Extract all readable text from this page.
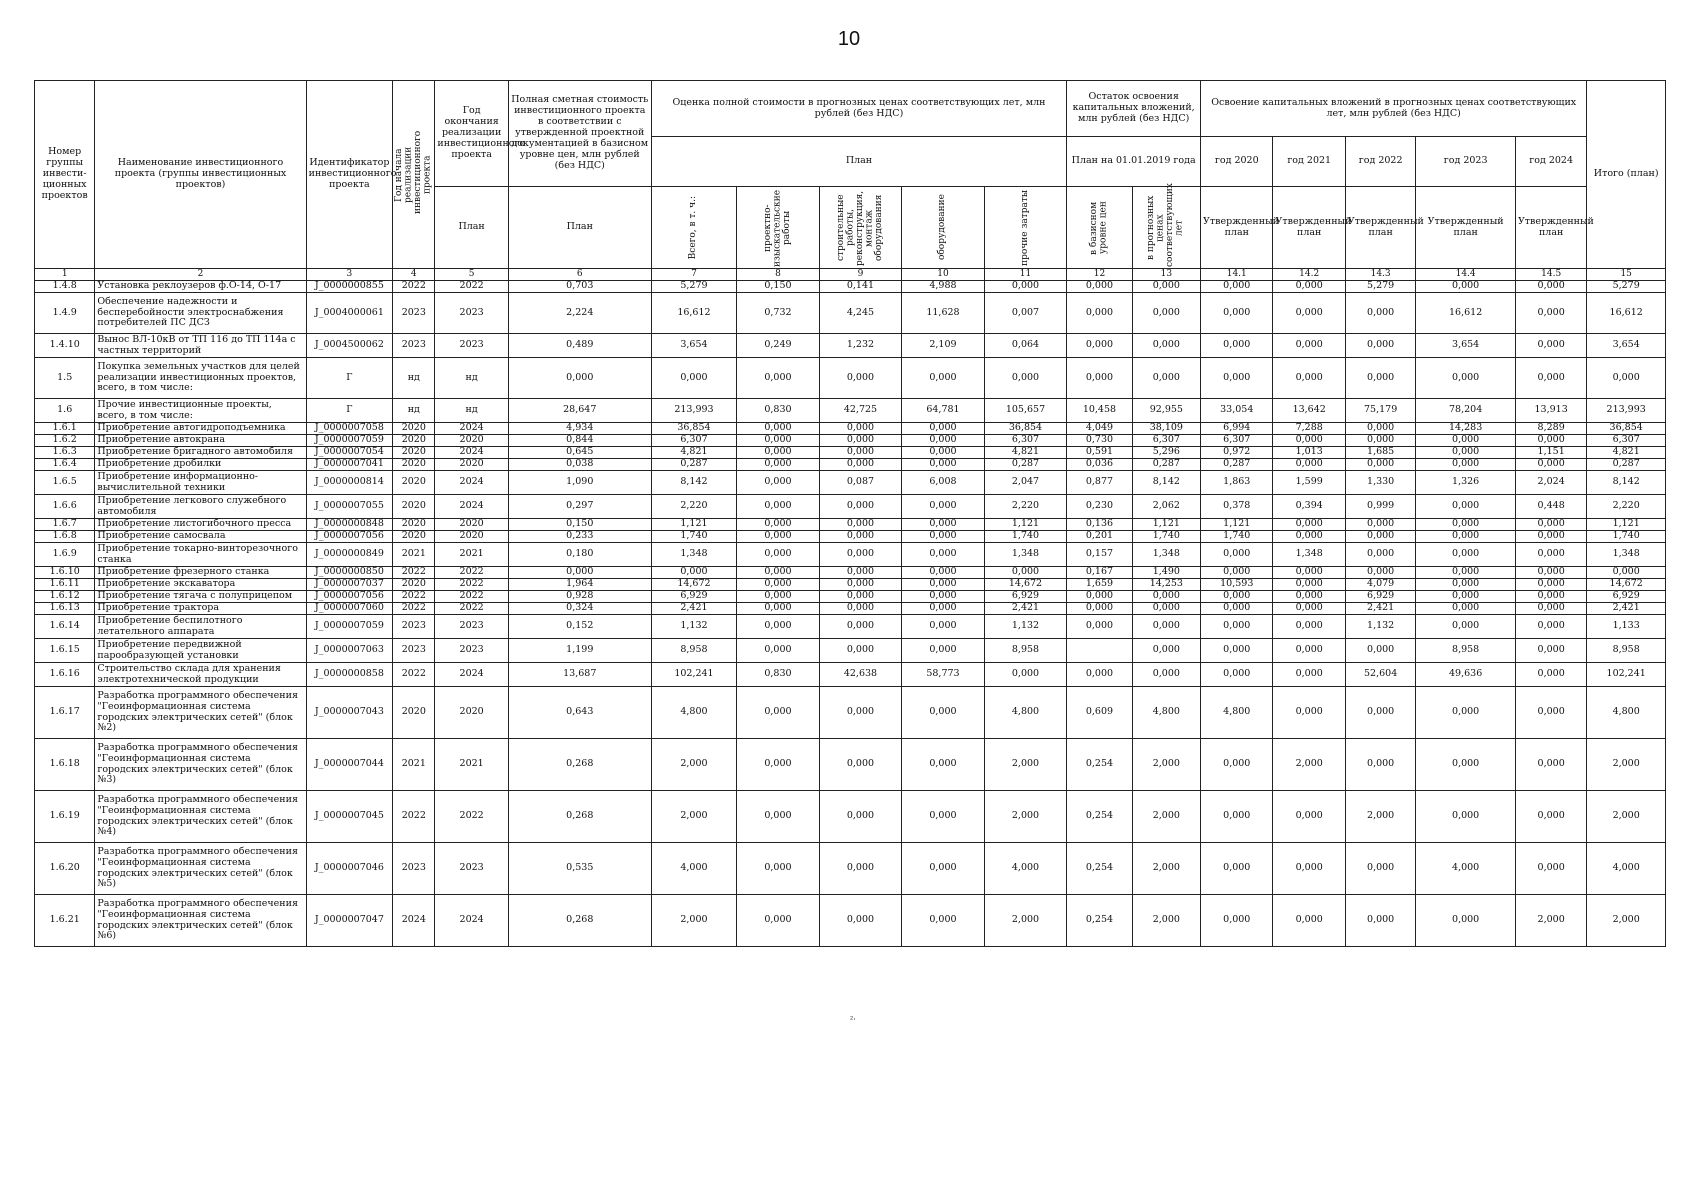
10
Номер группы инвести-ционных проектов	Наименование инвестиционного проекта (группы инвестиционных проектов)	Идентификатор инвестиционного проекта	Год начала реализации инвестиционного проекта	Год окончания реализации инвестиционного проекта	Полная сметная стоимость инвестиционного проекта в соответствии с утвержденной проектной документацией в базисном уровне цен, млн рублей (без НДС)	Оценка полной стоимости в прогнозных ценах соответствующих лет, млн рублей (без НДС)					Остаток освоения капитальных вложений, млн рублей (без НДС)		Освоение капитальных вложений в прогнозных ценах соответствующих лет, млн рублей (без НДС)					Итого (план)
						План					План на 01.01.2019 года		год 2020	год 2021	год 2022	год 2023	год 2024	
				План	План	Всего, в т. ч.:	проектно-изыскательские работы	строительные работы, реконструкция, монтаж оборудования	оборудование	прочие затраты	в базисном уровне цен	в прогнозных ценах соответствующих лет	Утвержденный план	Утвержденный план	Утвержденный план	Утвержденный план	Утвержденный план	
1	2	3	4	5	6	7	8	9	10	11	12	13	14.1	14.2	14.3	14.4	14.5	15
1.4.8	Установка реклоузеров ф.О-14, О-17	J_0000000855	2022	2022	0,703	5,279	0,150	0,141	4,988	0,000	0,000	0,000	0,000	0,000	5,279	0,000	0,000	5,279
1.4.9	Обеспечение надежности и бесперебойности электроснабжения потребителей ПС ДСЗ	J_0004000061	2023	2023	2,224	16,612	0,732	4,245	11,628	0,007	0,000	0,000	0,000	0,000	0,000	16,612	0,000	16,612
1.4.10	Вынос ВЛ-10кВ от ТП 116 до ТП 114а с частных территорий	J_0004500062	2023	2023	0,489	3,654	0,249	1,232	2,109	0,064	0,000	0,000	0,000	0,000	0,000	3,654	0,000	3,654
1.5	Покупка земельных участков для целей реализации инвестиционных проектов, всего, в том числе:	Г	нд	нд	0,000	0,000	0,000	0,000	0,000	0,000	0,000	0,000	0,000	0,000	0,000	0,000	0,000	0,000
1.6	Прочие инвестиционные проекты, всего, в том числе:	Г	нд	нд	28,647	213,993	0,830	42,725	64,781	105,657	10,458	92,955	33,054	13,642	75,179	78,204	13,913	213,993
1.6.1	Приобретение автогидроподъемника	J_0000007058	2020	2024	4,934	36,854	0,000	0,000	0,000	36,854	4,049	38,109	6,994	7,288	0,000	14,283	8,289	36,854
1.6.2	Приобретение автокрана	J_0000007059	2020	2020	0,844	6,307	0,000	0,000	0,000	6,307	0,730	6,307	6,307	0,000	0,000	0,000	0,000	6,307
1.6.3	Приобретение бригадного автомобиля	J_0000007054	2020	2024	0,645	4,821	0,000	0,000	0,000	4,821	0,591	5,296	0,972	1,013	1,685	0,000	1,151	4,821
1.6.4	Приобретение дробилки	J_0000007041	2020	2020	0,038	0,287	0,000	0,000	0,000	0,287	0,036	0,287	0,287	0,000	0,000	0,000	0,000	0,287
1.6.5	Приобретение информационно-вычислительной техники	J_0000000814	2020	2024	1,090	8,142	0,000	0,087	6,008	2,047	0,877	8,142	1,863	1,599	1,330	1,326	2,024	8,142
1.6.6	Приобретение легкового служебного автомобиля	J_0000007055	2020	2024	0,297	2,220	0,000	0,000	0,000	2,220	0,230	2,062	0,378	0,394	0,999	0,000	0,448	2,220
1.6.7	Приобретение листогибочного пресса	J_0000000848	2020	2020	0,150	1,121	0,000	0,000	0,000	1,121	0,136	1,121	1,121	0,000	0,000	0,000	0,000	1,121
1.6.8	Приобретение самосвала	J_0000007056	2020	2020	0,233	1,740	0,000	0,000	0,000	1,740	0,201	1,740	1,740	0,000	0,000	0,000	0,000	1,740
1.6.9	Приобретение токарно-винторезочного станка	J_0000000849	2021	2021	0,180	1,348	0,000	0,000	0,000	1,348	0,157	1,348	0,000	1,348	0,000	0,000	0,000	1,348
1.6.10	Приобретение фрезерного станка	J_0000000850	2022	2022	0,000	0,000	0,000	0,000	0,000	0,000	0,167	1,490	0,000	0,000	0,000	0,000	0,000	0,000
1.6.11	Приобретение экскаватора	J_0000007037	2020	2022	1,964	14,672	0,000	0,000	0,000	14,672	1,659	14,253	10,593	0,000	4,079	0,000	0,000	14,672
1.6.12	Приобретение тягача с полуприцепом	J_0000007056	2022	2022	0,928	6,929	0,000	0,000	0,000	6,929	0,000	0,000	0,000	0,000	6,929	0,000	0,000	6,929
1.6.13	Приобретение трактора	J_0000007060	2022	2022	0,324	2,421	0,000	0,000	0,000	2,421	0,000	0,000	0,000	0,000	2,421	0,000	0,000	2,421
1.6.14	Приобретение беспилотного летательного аппарата	J_0000007059	2023	2023	0,152	1,132	0,000	0,000	0,000	1,132	0,000	0,000	0,000	0,000	1,132	0,000	0,000	1,133
1.6.15	Приобретение передвижной парообразующей установки	J_0000007063	2023	2023	1,199	8,958	0,000	0,000	0,000	8,958		0,000	0,000	0,000	0,000	8,958	0,000	8,958
1.6.16	Строительство склада для хранения электротехнической продукции	J_0000000858	2022	2024	13,687	102,241	0,830	42,638	58,773	0,000	0,000	0,000	0,000	0,000	52,604	49,636	0,000	102,241
1.6.17	Разработка программного обеспечения "Геоинформационная система городских электрических сетей" (блок №2)	J_0000007043	2020	2020	0,643	4,800	0,000	0,000	0,000	4,800	0,609	4,800	4,800	0,000	0,000	0,000	0,000	4,800
1.6.18	Разработка программного обеспечения "Геоинформационная система городских электрических сетей" (блок №3)	J_0000007044	2021	2021	0,268	2,000	0,000	0,000	0,000	2,000	0,254	2,000	0,000	2,000	0,000	0,000	0,000	2,000
1.6.19	Разработка программного обеспечения "Геоинформационная система городских электрических сетей" (блок №4)	J_0000007045	2022	2022	0,268	2,000	0,000	0,000	0,000	2,000	0,254	2,000	0,000	0,000	2,000	0,000	0,000	2,000
1.6.20	Разработка программного обеспечения "Геоинформационная система городских электрических сетей" (блок №5)	J_0000007046	2023	2023	0,535	4,000	0,000	0,000	0,000	4,000	0,254	2,000	0,000	0,000	0,000	4,000	0,000	4,000
1.6.21	Разработка программного обеспечения "Геоинформационная система городских электрических сетей" (блок №6)	J_0000007047	2024	2024	0,268	2,000	0,000	0,000	0,000	2,000	0,254	2,000	0,000	0,000	0,000	0,000	2,000	2,000
²·
